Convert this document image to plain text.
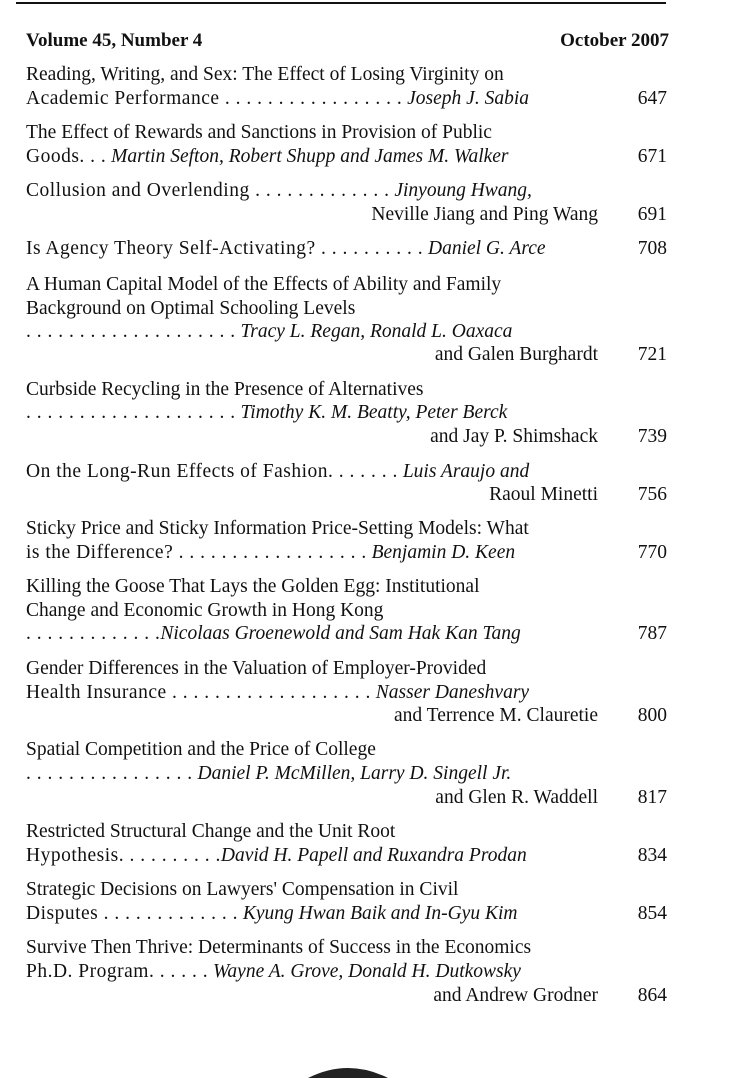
Volume 45, Number 4	October 2007
Reading, Writing, and Sex: The Effect of Losing Virginity on
Academic Performance . . . . . . . . . . . . . . . . . Joseph J. Sabia	647
The Effect of Rewards and Sanctions in Provision of Public
Goods. . . Martin Sefton, Robert Shupp and James M. Walker	671
Collusion and Overlending . . . . . . . . . . . . . Jinyoung Hwang,
Neville Jiang and Ping Wang 691
Is Agency Theory Self-Activating? . . . . . . . . . . Daniel G. Arce	708
A Human Capital Model of the Effects of Ability and Family
Background on Optimal Schooling Levels
. . . . . . . . . . . . . . . . . . . . Tracy L. Regan, Ronald L. Oaxaca
and Galen Burghardt 721
Curbside Recycling in the Presence of Alternatives
. . . . . . . . . . . . . . . . . . . . Timothy K. M. Beatty, Peter Berck
and Jay P. Shimshack 739
On the Long-Run Effects of Fashion. . . . . . . Luis Araujo and
Raoul Minetti 756
Sticky Price and Sticky Information Price-Setting Models: What
is the Difference? . . . . . . . . . . . . . . . . . . Benjamin D. Keen	770
Killing the Goose That Lays the Golden Egg: Institutional
Change and Economic Growth in Hong Kong
. . . . . . . . . . . . .Nicolaas Groenewold and Sam Hak Kan Tang	787
Gender Differences in the Valuation of Employer-Provided
Health Insurance . . . . . . . . . . . . . . . . . . . Nasser Daneshvary
and Terrence M. Clauretie 800
Spatial Competition and the Price of College
. . . . . . . . . . . . . . . . Daniel P. McMillen, Larry D. Singell Jr.
and Glen R. Waddell 817
Restricted Structural Change and the Unit Root
Hypothesis. . . . . . . . . .David H. Papell and Ruxandra Prodan	834
Strategic Decisions on Lawyers' Compensation in Civil
Disputes . . . . . . . . . . . . . Kyung Hwan Baik and In-Gyu Kim	854
Survive Then Thrive: Determinants of Success in the Economics
Ph.D. Program. . . . . . Wayne A. Grove, Donald H. Dutkowsky
and Andrew Grodner 864
